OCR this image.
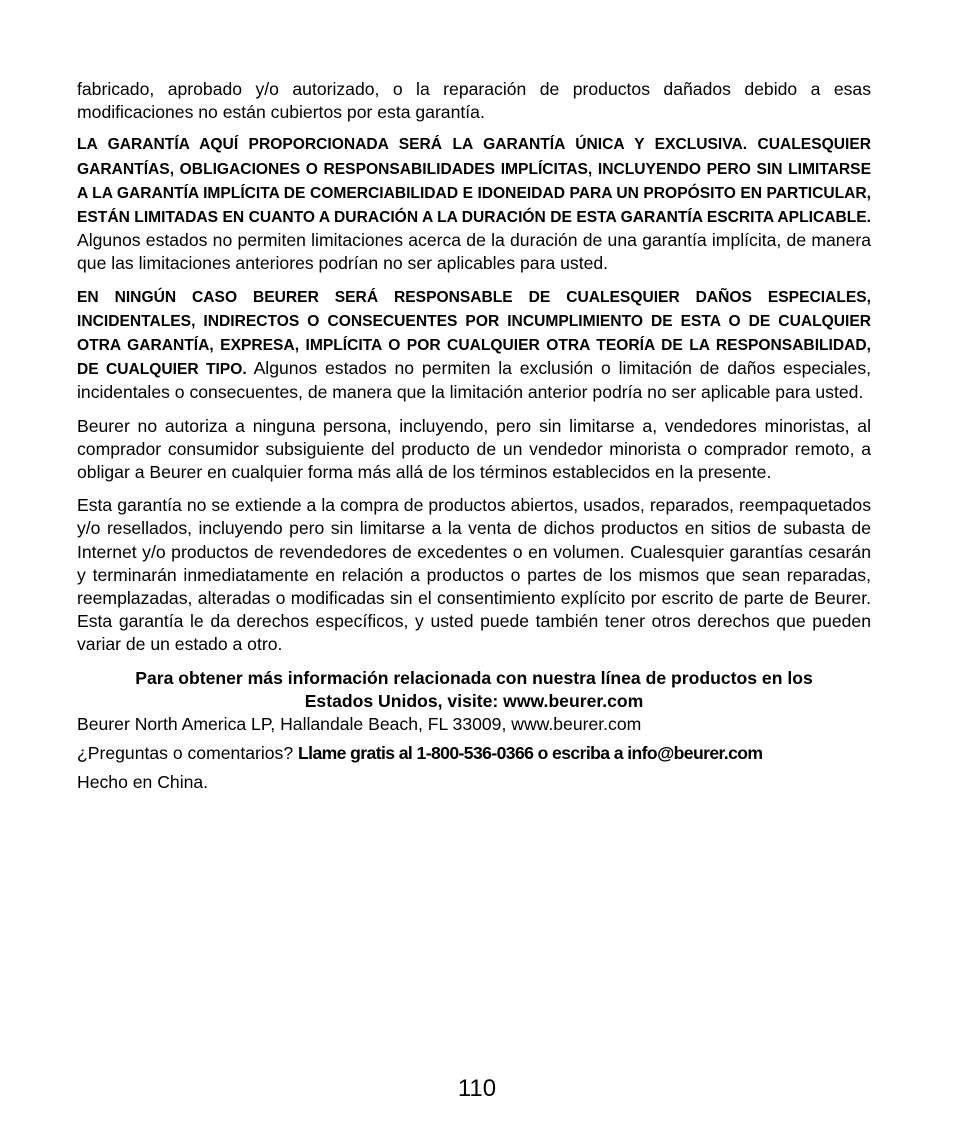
fabricado, aprobado y/o autorizado, o la reparación de productos dañados debido a esas modificaciones no están cubiertos por esta garantía.

LA GARANTÍA AQUÍ PROPORCIONADA SERÁ LA GARANTÍA ÚNICA Y EXCLUSIVA. CUALESQUIER GARANTÍAS, OBLIGACIONES O RESPONSABILIDADES IMPLÍCITAS, INCLUYENDO PERO SIN LIMITARSE A LA GARANTÍA IMPLÍCITA DE COMERCIABILIDAD E IDONEIDAD PARA UN PROPÓSITO EN PARTICULAR, ESTÁN LIMITADAS EN CUANTO A DURACIÓN A LA DURACIÓN DE ESTA GARANTÍA ESCRITA APLICABLE. Algunos estados no permiten limitaciones acerca de la duración de una garantía implícita, de manera que las limitaciones anteriores podrían no ser aplicables para usted.

EN NINGÚN CASO BEURER SERÁ RESPONSABLE DE CUALESQUIER DAÑOS ESPECIALES, INCIDENTALES, INDIRECTOS O CONSECUENTES POR INCUMPLIMIENTO DE ESTA O DE CUALQUIER OTRA GARANTÍA, EXPRESA, IMPLÍCITA O POR CUALQUIER OTRA TEORÍA DE LA RESPONSABILIDAD, DE CUALQUIER TIPO. Algunos estados no permiten la exclusión o limitación de daños especiales, incidentales o consecuentes, de manera que la limitación anterior podría no ser aplicable para usted.

Beurer no autoriza a ninguna persona, incluyendo, pero sin limitarse a, vendedores minoristas, al comprador consumidor subsiguiente del producto de un vendedor minorista o comprador remoto, a obligar a Beurer en cualquier forma más allá de los términos establecidos en la presente.

Esta garantía no se extiende a la compra de productos abiertos, usados, reparados, reempaquetados y/o resellados, incluyendo pero sin limitarse a la venta de dichos productos en sitios de subasta de Internet y/o productos de revendedores de excedentes o en volumen. Cualesquier garantías cesarán y terminarán inmediatamente en relación a productos o partes de los mismos que sean reparadas, reemplazadas, alteradas o modificadas sin el consentimiento explícito por escrito de parte de Beurer. Esta garantía le da derechos específicos, y usted puede también tener otros derechos que pueden variar de un estado a otro.

Para obtener más información relacionada con nuestra línea de productos en los

Estados Unidos, visite: www.beurer.com

Beurer North America LP, Hallandale Beach, FL 33009, www.beurer.com

¿Preguntas o comentarios? Llame gratis al 1-800-536-0366 o escriba a info@beurer.com

Hecho en China.

110
